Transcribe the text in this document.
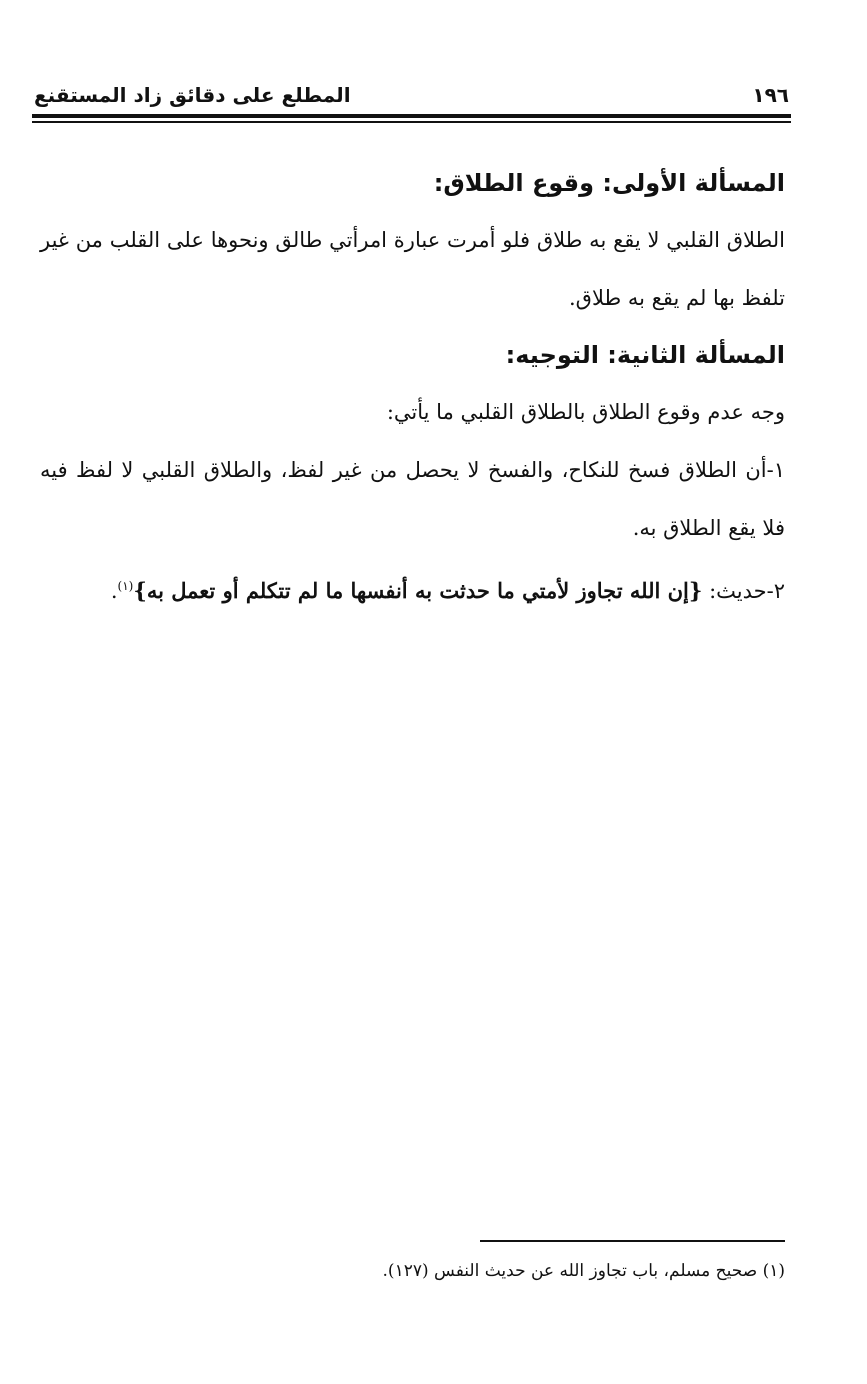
١٩٦
المطلع على دقائق زاد المستقنع
المسألة الأولى: وقوع الطلاق:

الطلاق القلبي لا يقع به طلاق فلو أمرت عبارة امرأتي طالق ونحوها على القلب من غير تلفظ بها لم يقع به طلاق.

المسألة الثانية: التوجيه:

وجه عدم وقوع الطلاق بالطلاق القلبي ما يأتي:

١-أن الطلاق فسخ للنكاح، والفسخ لا يحصل من غير لفظ، والطلاق القلبي لا لفظ فيه فلا يقع الطلاق به.

٢-حديث: {إن الله تجاوز لأمتي ما حدثت به أنفسها ما لم تتكلم أو تعمل به}$^{(١)}$.

(١) صحيح مسلم، باب تجاوز الله عن حديث النفس (١٢٧).
